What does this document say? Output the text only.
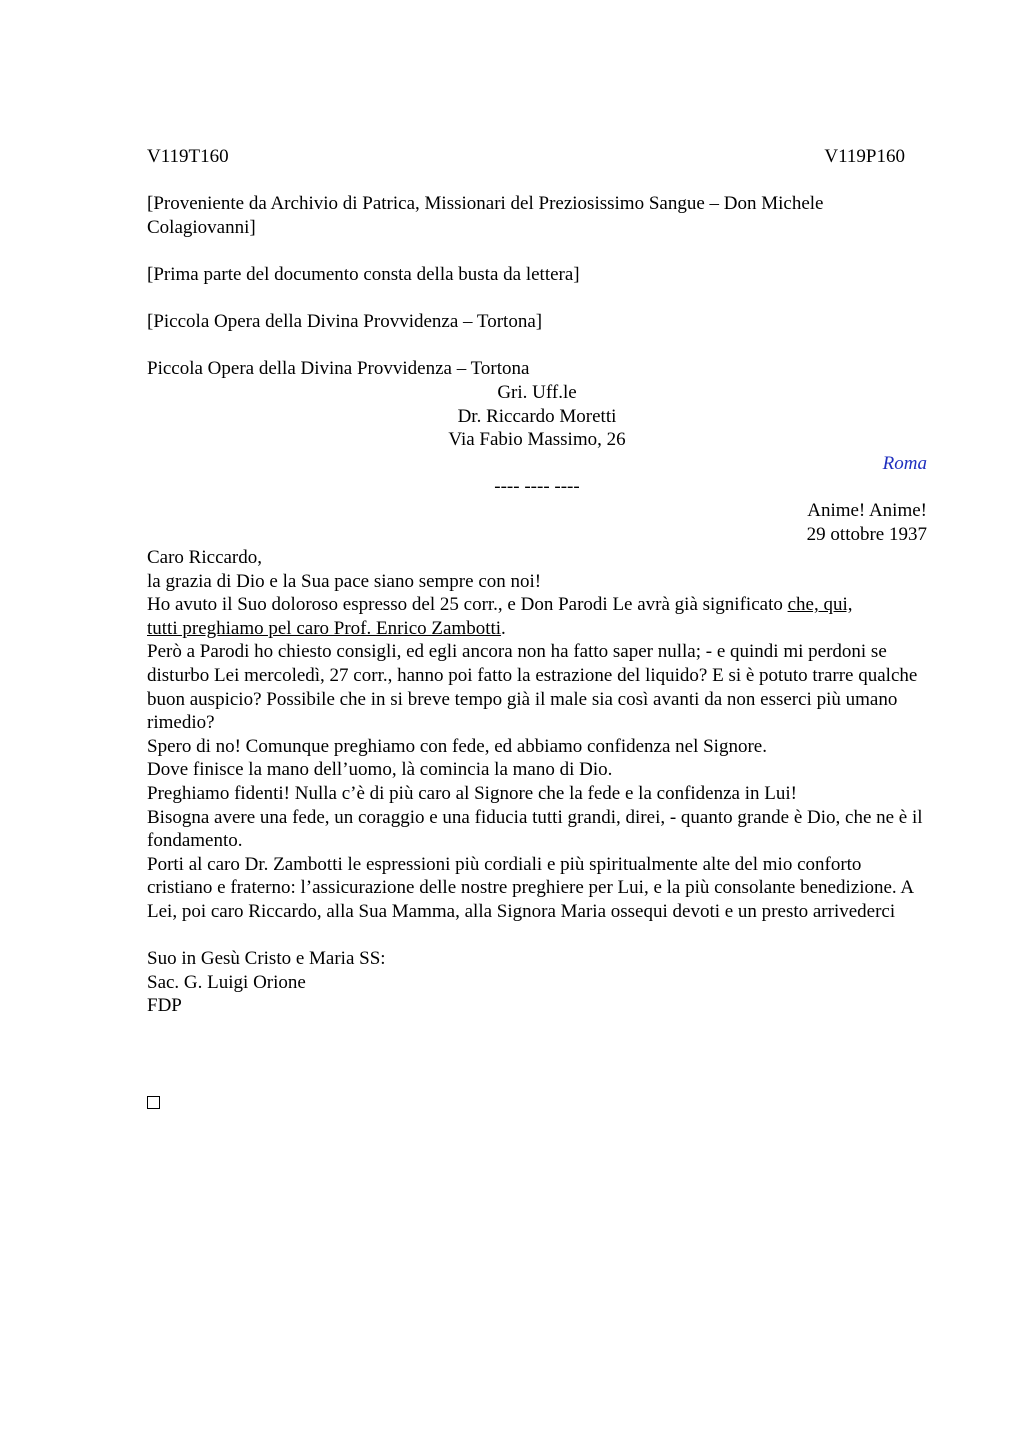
V119T160	V119P160

[Proveniente da Archivio di Patrica, Missionari del Preziosissimo Sangue – Don Michele Colagiovanni]

[Prima parte del documento consta della busta da lettera]

[Piccola Opera della Divina Provvidenza – Tortona]

Piccola Opera della Divina Provvidenza – Tortona
Gri. Uff.le
Dr. Riccardo Moretti
Via Fabio Massimo, 26
Roma
---- ---- ----
Anime! Anime!
29 ottobre 1937
Caro Riccardo,
la grazia di Dio e la Sua pace siano sempre con noi!
Ho avuto il Suo doloroso espresso del 25 corr., e Don Parodi Le avrà già significato che, qui,
tutti preghiamo pel caro Prof. Enrico Zambotti.
Però a Parodi ho chiesto consigli, ed egli ancora non ha fatto saper nulla; - e quindi mi perdoni se disturbo Lei mercoledì, 27 corr., hanno poi fatto la estrazione del liquido? E si è potuto trarre qualche buon auspicio? Possibile che in si breve tempo già il male sia così avanti da non esserci più umano rimedio?
Spero di no! Comunque preghiamo con fede, ed abbiamo confidenza nel Signore.
Dove finisce la mano dell’uomo, là comincia la mano di Dio.
Preghiamo fidenti! Nulla c’è di più caro al Signore che la fede e la confidenza in Lui!
Bisogna avere una fede, un coraggio e una fiducia tutti grandi, direi, - quanto grande è Dio, che ne è il fondamento.
Porti al caro Dr. Zambotti le espressioni più cordiali e più spiritualmente alte del mio conforto cristiano e fraterno: l’assicurazione delle nostre preghiere per Lui, e la più consolante benedizione. A Lei, poi caro Riccardo, alla Sua Mamma, alla Signora Maria ossequi devoti e un presto arrivederci
Suo in Gesù Cristo e Maria SS:
Sac. G. Luigi Orione
FDP
